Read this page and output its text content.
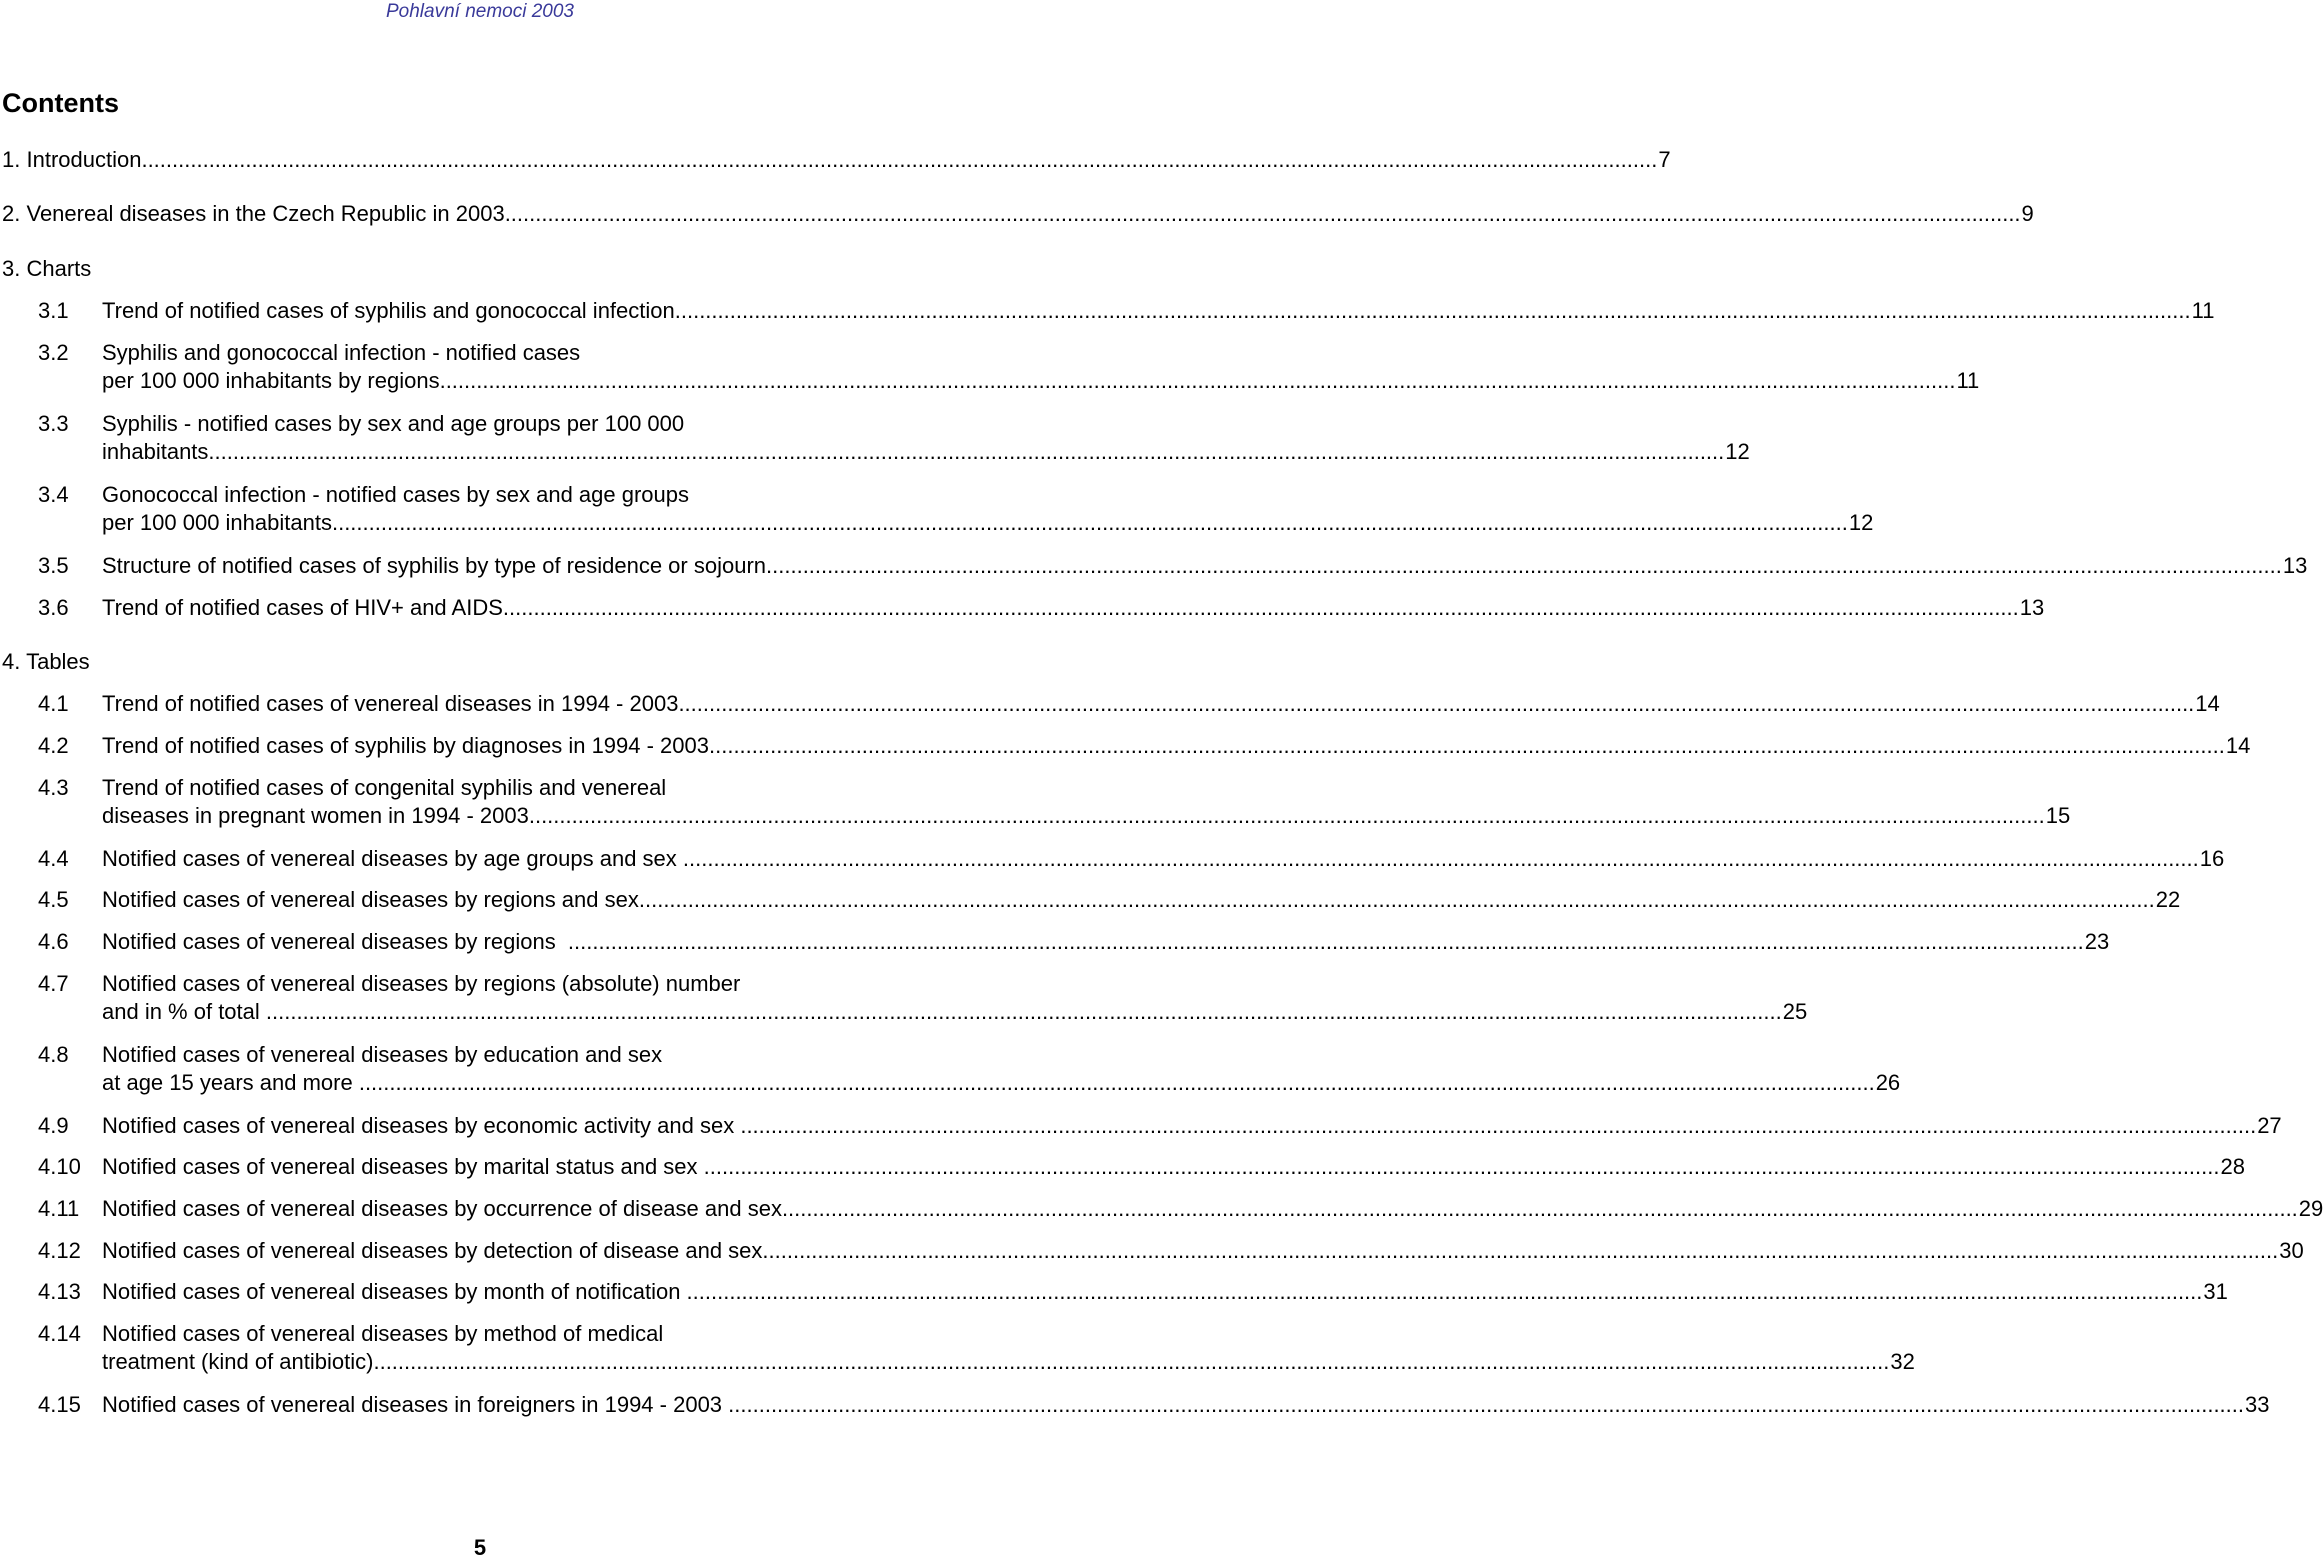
Pohlavní nemoci 2003
Contents
1. Introduction .....	7
2. Venereal diseases in the Czech Republic in 2003 .....	9
3. Charts
4. Tables
3.1	Trend of notified cases of syphilis and gonococcal infection .....	11
3.2	Syphilis and gonococcal infection - notified cases
per 100 000 inhabitants by regions .....	11
3.3	Syphilis - notified cases by sex and age groups per 100 000
inhabitants .....	12
3.4	Gonococcal infection - notified cases by sex and age groups
per 100 000 inhabitants .....	12
3.5	Structure of notified cases of syphilis by type of residence or sojourn .....	13
3.6	Trend of notified cases of HIV+ and AIDS .....	13
4.1	Trend of notified cases of venereal diseases in 1994 - 2003 .....	14
4.2	Trend of notified cases of syphilis by diagnoses in 1994 - 2003 .....	14
4.3	Trend of notified cases of congenital syphilis and venereal
diseases in pregnant women in 1994 - 2003 .....	15
4.4	Notified cases of venereal diseases by age groups and sex .....	16
4.5	Notified cases of venereal diseases by regions and sex .....	22
4.6	Notified cases of venereal diseases by regions .....	23
4.7	Notified cases of venereal diseases by regions (absolute) number
and in % of total .....	25
4.8	Notified cases of venereal diseases by education and sex
at age 15 years and more .....	26
4.9	Notified cases of venereal diseases by economic activity and sex .....	27
4.10 Notified cases of venereal diseases by marital status and sex .....	28
4.11	Notified cases of venereal diseases by occurrence of disease and sex .....	29
4.12 Notified cases of venereal diseases by detection of disease and sex .....	30
4.13 Notified cases of venereal diseases by month of notification .....	31
4.14 Notified cases of venereal diseases by method of medical
treatment (kind of antibiotic) .....	32
4.15 Notified cases of venereal diseases in foreigners in 1994 - 2003 .....	33
5
